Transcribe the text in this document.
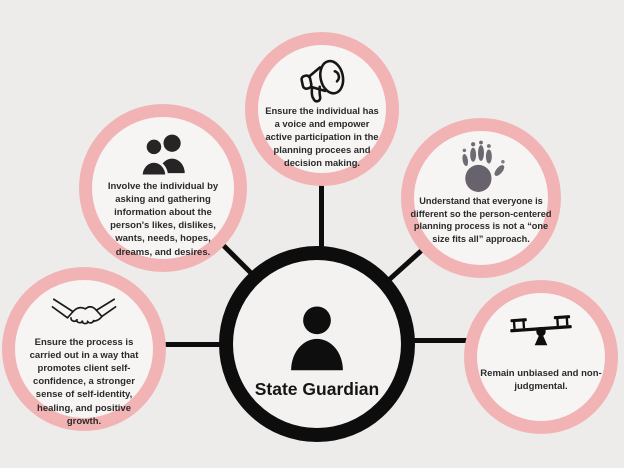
Ensure the individual has a voice and empower active participation in the planning procees and decision making.
Involve the individual by asking and gathering information about the person's likes, dislikes, wants, needs, hopes, dreams, and desires.
Understand that everyone is different so the person-centered planning process is not a “one size fits all” approach.
Ensure the process is carried out in a way that promotes client self-confidence, a stronger sense of self-identity, healing, and positive growth.
Remain unbiased and non-judgmental.
State Guardian
